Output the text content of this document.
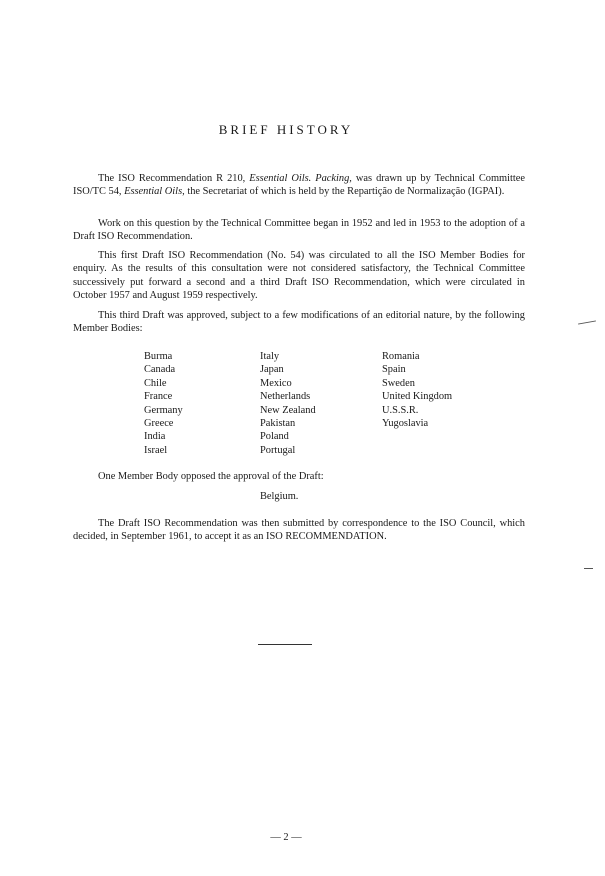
BRIEF HISTORY

The ISO Recommendation R 210, Essential Oils. Packing, was drawn up by Technical Committee ISO/TC 54, Essential Oils, the Secretariat of which is held by the Repartição de Normalização (IGPAI).

Work on this question by the Technical Committee began in 1952 and led in 1953 to the adoption of a Draft ISO Recommendation.

This first Draft ISO Recommendation (No. 54) was circulated to all the ISO Member Bodies for enquiry. As the results of this consultation were not considered satisfactory, the Technical Committee successively put forward a second and a third Draft ISO Recommendation, which were circulated in October 1957 and August 1959 respectively.

This third Draft was approved, subject to a few modifications of an editorial nature, by the following Member Bodies:

Burma
Canada
Chile
France
Germany
Greece
India
Israel
Italy
Japan
Mexico
Netherlands
New Zealand
Pakistan
Poland
Portugal
Romania
Spain
Sweden
United Kingdom
U.S.S.R.
Yugoslavia
One Member Body opposed the approval of the Draft:
Belgium.

The Draft ISO Recommendation was then submitted by correspondence to the ISO Council, which decided, in September 1961, to accept it as an ISO RECOMMENDATION.

— 2 —
